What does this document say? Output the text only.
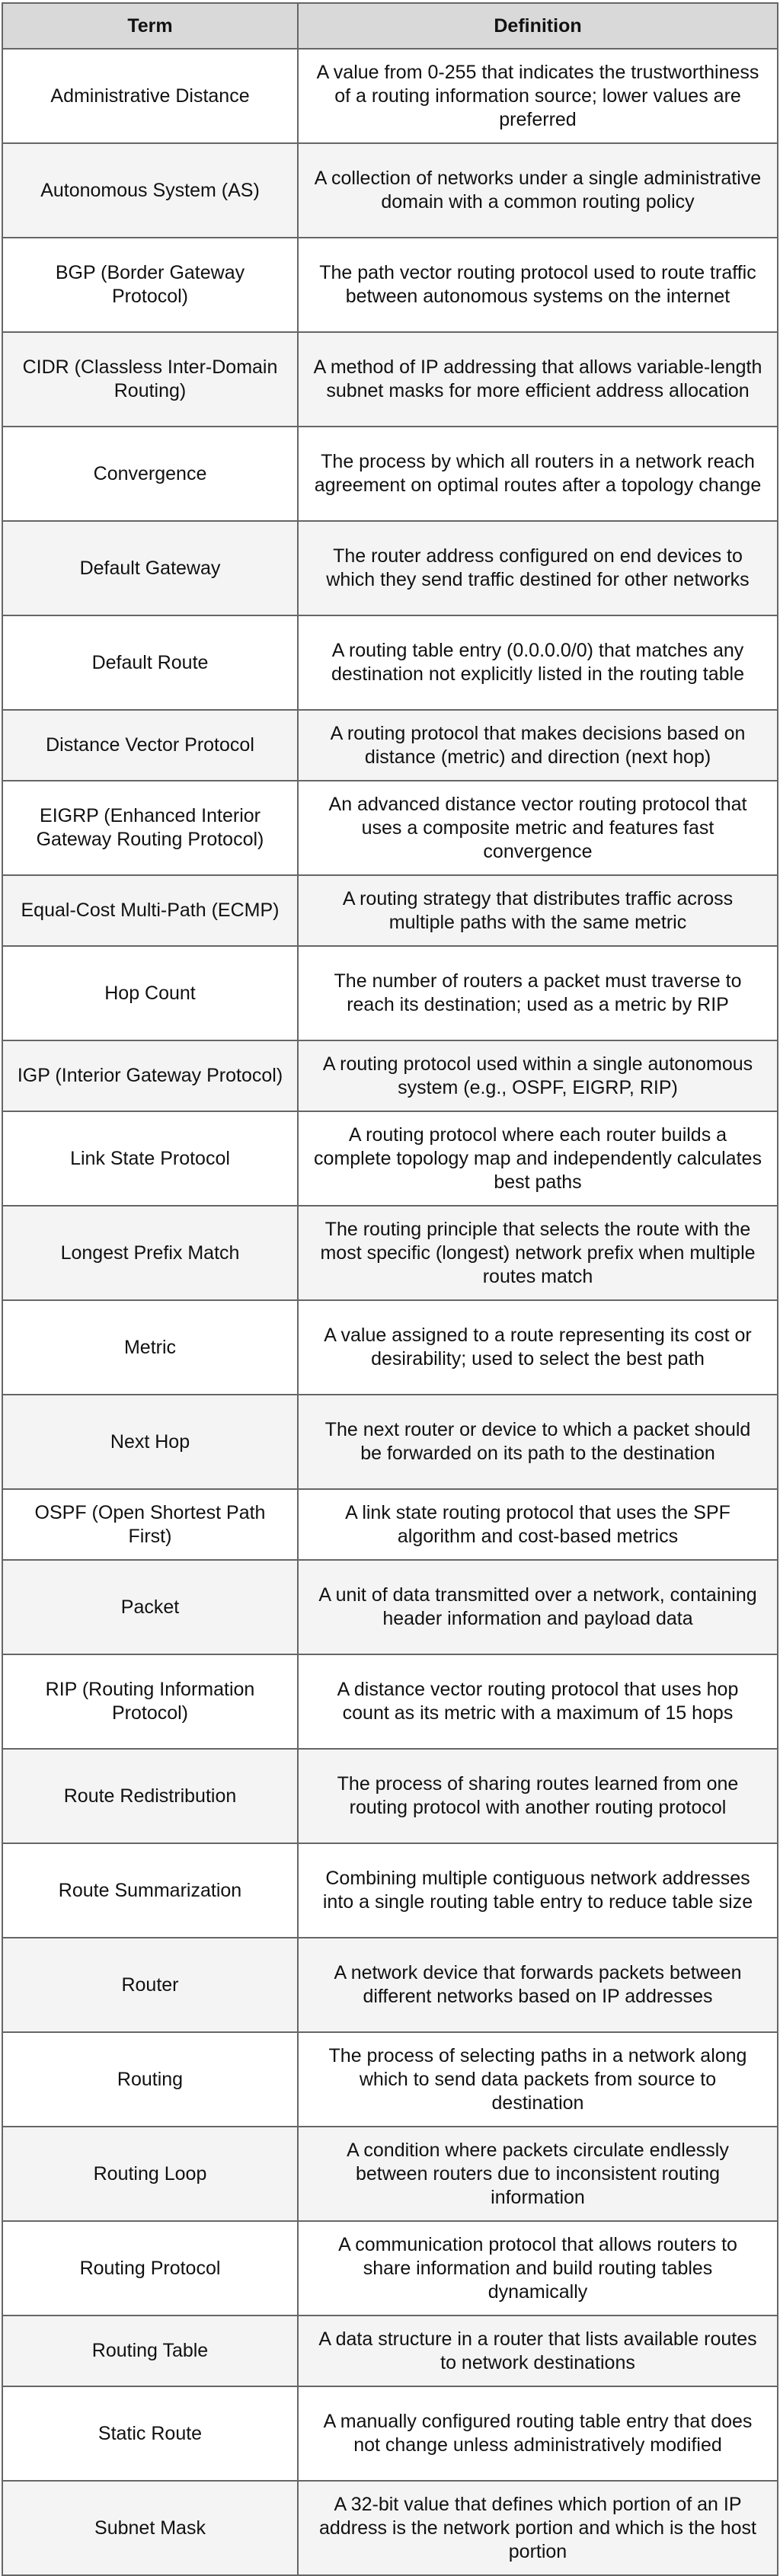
Term	Definition
Administrative Distance	A value from 0-255 that indicates the trustworthiness of a routing information source; lower values are preferred
Autonomous System (AS)	A collection of networks under a single administrative domain with a common routing policy
BGP (Border Gateway Protocol)	The path vector routing protocol used to route traffic between autonomous systems on the internet
CIDR (Classless Inter-Domain Routing)	A method of IP addressing that allows variable-length subnet masks for more efficient address allocation
Convergence	The process by which all routers in a network reach agreement on optimal routes after a topology change
Default Gateway	The router address configured on end devices to which they send traffic destined for other networks
Default Route	A routing table entry (0.0.0.0/0) that matches any destination not explicitly listed in the routing table
Distance Vector Protocol	A routing protocol that makes decisions based on distance (metric) and direction (next hop)
EIGRP (Enhanced Interior Gateway Routing Protocol)	An advanced distance vector routing protocol that uses a composite metric and features fast convergence
Equal-Cost Multi-Path (ECMP)	A routing strategy that distributes traffic across multiple paths with the same metric
Hop Count	The number of routers a packet must traverse to reach its destination; used as a metric by RIP
IGP (Interior Gateway Protocol)	A routing protocol used within a single autonomous system (e.g., OSPF, EIGRP, RIP)
Link State Protocol	A routing protocol where each router builds a complete topology map and independently calculates best paths
Longest Prefix Match	The routing principle that selects the route with the most specific (longest) network prefix when multiple routes match
Metric	A value assigned to a route representing its cost or desirability; used to select the best path
Next Hop	The next router or device to which a packet should be forwarded on its path to the destination
OSPF (Open Shortest Path First)	A link state routing protocol that uses the SPF algorithm and cost-based metrics
Packet	A unit of data transmitted over a network, containing header information and payload data
RIP (Routing Information Protocol)	A distance vector routing protocol that uses hop count as its metric with a maximum of 15 hops
Route Redistribution	The process of sharing routes learned from one routing protocol with another routing protocol
Route Summarization	Combining multiple contiguous network addresses into a single routing table entry to reduce table size
Router	A network device that forwards packets between different networks based on IP addresses
Routing	The process of selecting paths in a network along which to send data packets from source to destination
Routing Loop	A condition where packets circulate endlessly between routers due to inconsistent routing information
Routing Protocol	A communication protocol that allows routers to share information and build routing tables dynamically
Routing Table	A data structure in a router that lists available routes to network destinations
Static Route	A manually configured routing table entry that does not change unless administratively modified
Subnet Mask	A 32-bit value that defines which portion of an IP address is the network portion and which is the host portion
